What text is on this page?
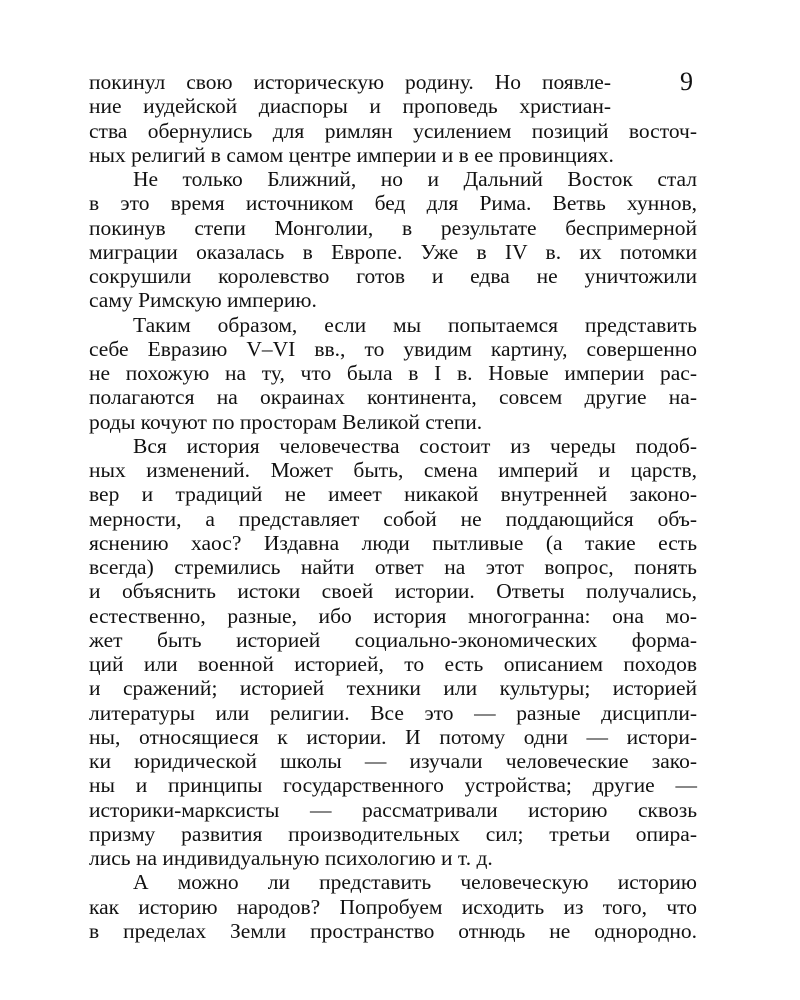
9
покинул свою историческую родину. Но появле-
ние иудейской диаспоры и проповедь христиан-
ства обернулись для римлян усилением позиций восточ-
ных религий в самом центре империи и в ее провинциях.
Не только Ближний, но и Дальний Восток стал
в это время источником бед для Рима. Ветвь хуннов,
покинув степи Монголии, в результате беспримерной
миграции оказалась в Европе. Уже в IV в. их потомки
сокрушили королевство готов и едва не уничтожили
саму Римскую империю.
Таким образом, если мы попытаемся представить
себе Евразию V–VI вв., то увидим картину, совершенно
не похожую на ту, что была в I в. Новые империи рас-
полагаются на окраинах континента, совсем другие на-
роды кочуют по просторам Великой степи.
Вся история человечества состоит из череды подоб-
ных изменений. Может быть, смена империй и царств,
вер и традиций не имеет никакой внутренней законо-
мерности, а представляет собой не поддающийся объ-
яснению хаос? Издавна люди пытливые (а такие есть
всегда) стремились найти ответ на этот вопрос, понять
и объяснить истоки своей истории. Ответы получались,
естественно, разные, ибо история многогранна: она мо-
жет быть историей социально-экономических форма-
ций или военной историей, то есть описанием походов
и сражений; историей техники или культуры; историей
литературы или религии. Все это — разные дисципли-
ны, относящиеся к истории. И потому одни — истори-
ки юридической школы — изучали человеческие зако-
ны и принципы государственного устройства; другие —
историки-марксисты — рассматривали историю сквозь
призму развития производительных сил; третьи опира-
лись на индивидуальную психологию и т. д.
А можно ли представить человеческую историю
как историю народов? Попробуем исходить из того, что
в пределах Земли пространство отнюдь не однородно.
